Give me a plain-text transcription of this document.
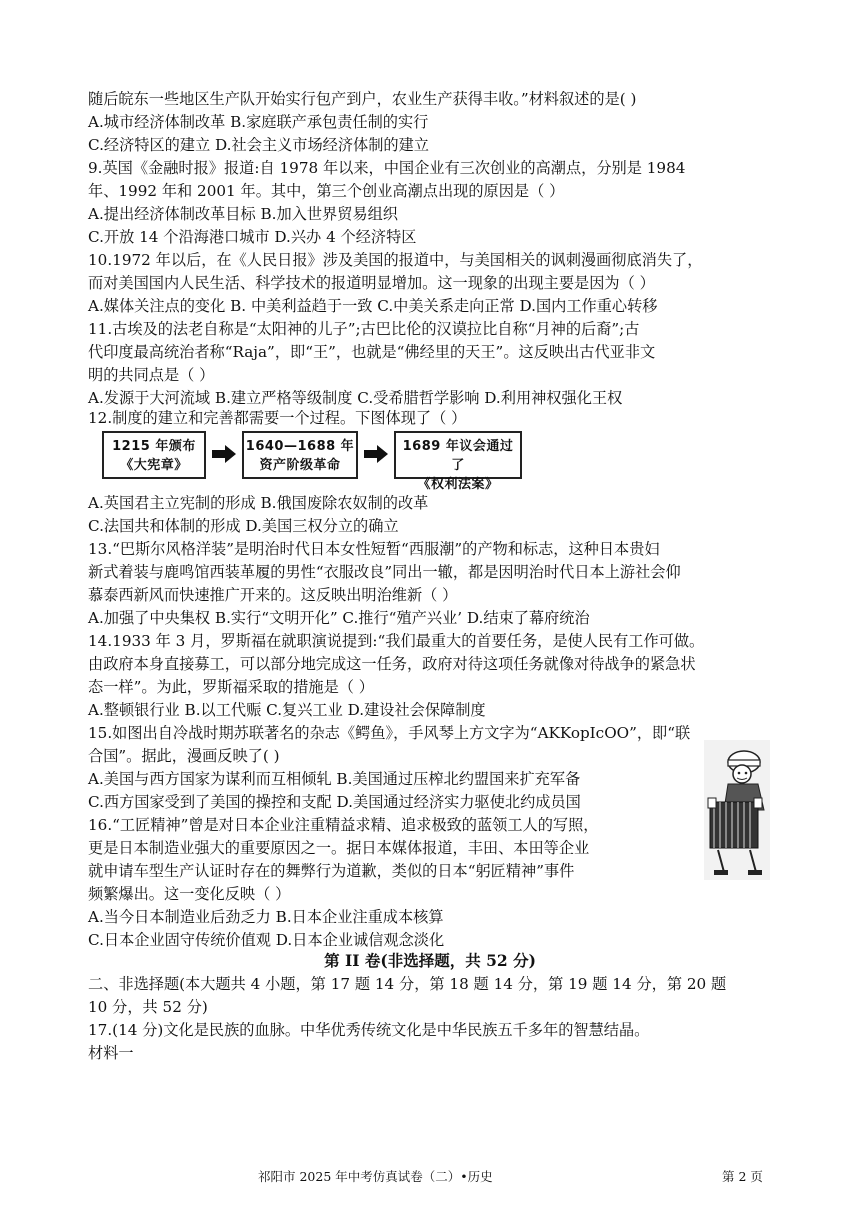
随后皖东一些地区生产队开始实行包产到户，农业生产获得丰收。”材料叙述的是( )
A.城市经济体制改革 B.家庭联产承包责任制的实行
C.经济特区的建立 D.社会主义市场经济体制的建立
9.英国《金融时报》报道:自 1978 年以来，中国企业有三次创业的高潮点，分别是 1984
年、1992 年和 2001 年。其中，第三个创业高潮点出现的原因是（ ）
A.提出经济体制改革目标 B.加入世界贸易组织
C.开放 14 个沿海港口城市 D.兴办 4 个经济特区
10.1972 年以后，在《人民日报》涉及美国的报道中，与美国相关的讽刺漫画彻底消失了，
而对美国国内人民生活、科学技术的报道明显增加。这一现象的出现主要是因为（ ）
A.媒体关注点的变化 B. 中美利益趋于一致 C.中美关系走向正常 D.国内工作重心转移
11.古埃及的法老自称是“太阳神的儿子”;古巴比伦的汉谟拉比自称“月神的后裔”;古
代印度最高统治者称“Raja”，即“王”，也就是“佛经里的天王”。这反映出古代亚非文
明的共同点是（ ）
A.发源于大河流域 B.建立严格等级制度 C.受希腊哲学影响 D.利用神权强化王权
12.制度的建立和完善都需要一个过程。下图体现了（ ）
1215 年颁布
《大宪章》
1640—1688 年
资产阶级革命
1689 年议会通过了
《权利法案》
A.英国君主立宪制的形成 B.俄国废除农奴制的改革
C.法国共和体制的形成 D.美国三权分立的确立
13.“巴斯尔风格洋装”是明治时代日本女性短暂“西服潮”的产物和标志，这种日本贵妇
新式着装与鹿鸣馆西装革履的男性“衣服改良”同出一辙，都是因明治时代日本上游社会仰
慕泰西新风而快速推广开来的。这反映出明治维新（ ）
A.加强了中央集权 B.实行“文明开化” C.推行“殖产兴业’ D.结束了幕府统治
14.1933 年 3 月，罗斯福在就职演说提到:“我们最重大的首要任务，是使人民有工作可做。
由政府本身直接募工，可以部分地完成这一任务，政府对待这项任务就像对待战争的紧急状
态一样”。为此，罗斯福采取的措施是（ ）
A.整顿银行业 B.以工代赈 C.复兴工业 D.建设社会保障制度
15.如图出自冷战时期苏联著名的杂志《鳄鱼》，手风琴上方文字为“AKKopIcOO”，即“联
合国”。据此，漫画反映了( )
A.美国与西方国家为谋利而互相倾轧 B.美国通过压榨北约盟国来扩充军备
C.西方国家受到了美国的操控和支配 D.美国通过经济实力驱使北约成员国
16.“工匠精神”曾是对日本企业注重精益求精、追求极致的蓝领工人的写照，
更是日本制造业强大的重要原因之一。据日本媒体报道，丰田、本田等企业
就申请车型生产认证时存在的舞弊行为道歉，类似的日本“躬匠精神”事件
频繁爆出。这一变化反映（ ）
A.当今日本制造业后劲乏力 B.日本企业注重成本核算
C.日本企业固守传统价值观 D.日本企业诚信观念淡化
第 II 卷(非选择题，共 52 分)
二、非选择题(本大题共 4 小题，第 17 题 14 分，第 18 题 14 分，第 19 题 14 分，第 20 题
10 分，共 52 分)
17.(14 分)文化是民族的血脉。中华优秀传统文化是中华民族五千多年的智慧结晶。
材料一
祁阳市 2025 年中考仿真试卷（二）•历史	第 2 页
